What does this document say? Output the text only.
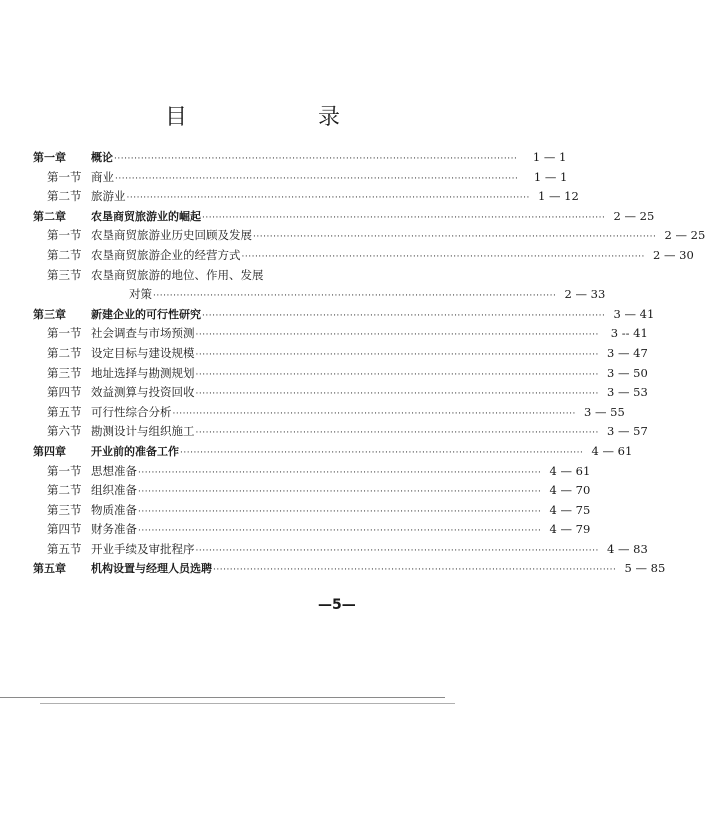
目 录
第一章	概论 ························································································································	1 — 1
第一节 商业 ························································································································	1 — 1
第二节 旅游业 ························································································································ 1 — 12
第二章	农垦商贸旅游业的崛起 ························································································································ 2 — 25
第一节 农垦商贸旅游业历史回顾及发展 ························································································································ 2 — 25
第二节 农垦商贸旅游企业的经营方式 ························································································································ 2 — 30
第三节 农垦商贸旅游的地位、作用、发展
对策 ························································································································ 2 — 33
第三章	新建企业的可行性研究 ························································································································ 3 — 41
第一节 社会调查与市场预测 ························································································································	3 -- 41
第二节 设定目标与建设规模 ························································································································ 3 — 47
第三节 地址选择与勘测规划 ························································································································ 3 — 50
第四节 效益测算与投资回收 ························································································································ 3 — 53
第五节 可行性综合分析 ························································································································ 3 — 55
第六节 勘测设计与组织施工 ························································································································ 3 — 57
第四章	开业前的准备工作 ························································································································ 4 — 61
第一节 思想准备 ························································································································ 4 — 61
第二节 组织准备 ························································································································ 4 — 70
第三节 物质准备 ························································································································ 4 — 75
第四节 财务准备 ························································································································ 4 — 79
第五节 开业手续及审批程序 ························································································································ 4 — 83
第五章	机构设置与经理人员选聘 ························································································································ 5 — 85
—5—
